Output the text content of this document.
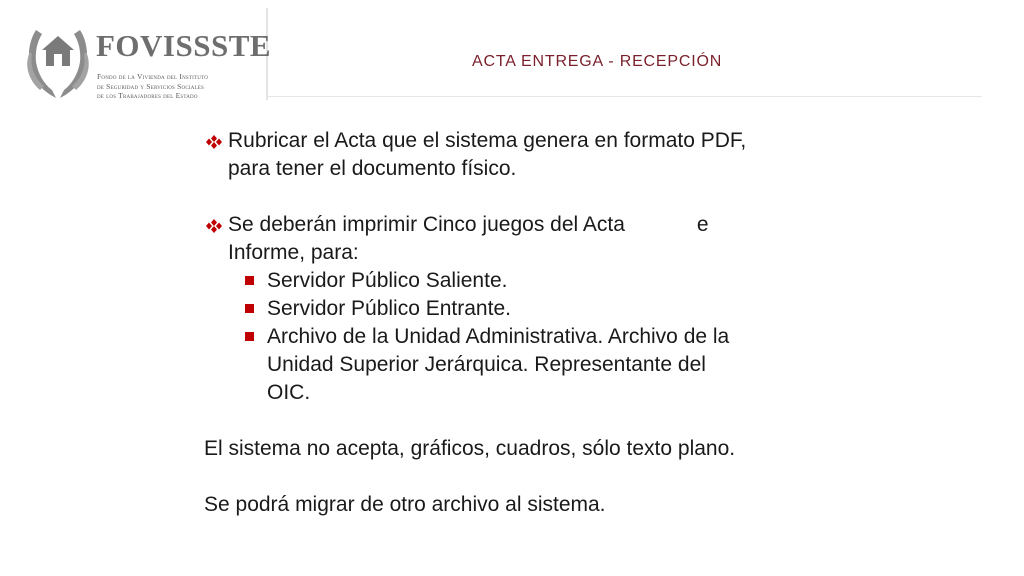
FOVISSSTE
Fondo de la Vivienda del Instituto
de Seguridad y Servicios Sociales
de los Trabajadores del Estado
ACTA ENTREGA - RECEPCIÓN
Rubricar el Acta que el sistema genera en formato PDF,
para tener el documento físico.
Se deberán imprimir Cinco juegos del Acta	e
Informe, para:
Servidor Público Saliente.
Servidor Público Entrante.
Archivo de la Unidad Administrativa. Archivo de la
Unidad Superior Jerárquica. Representante del
OIC.

El sistema no acepta, gráficos, cuadros, sólo texto plano.

Se podrá migrar de otro archivo al sistema.
